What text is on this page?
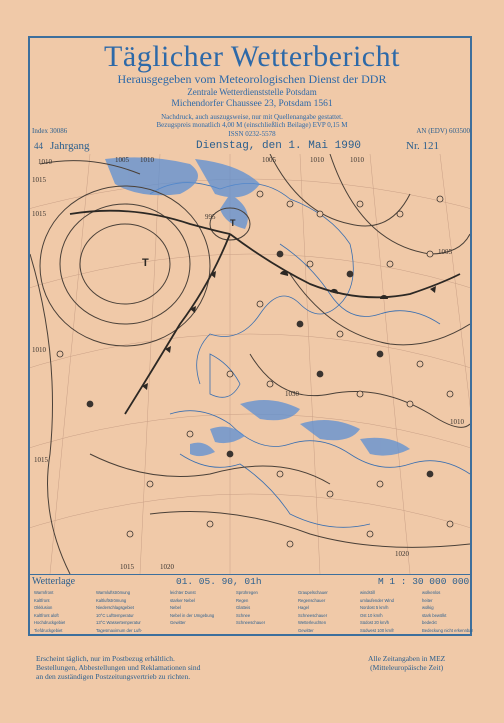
Täglicher Wetterbericht
Herausgegeben vom Meteorologischen Dienst der DDR
Zentrale Wetterdienststelle Potsdam
Michendorfer Chaussee 23, Potsdam 1561
Nachdruck, auch auszugsweise, nur mit Quellenangabe gestattet.
Bezugspreis monatlich 4,00 M (einschließlich Beilage) EVP 0,15 M
ISSN 0232-5578
Index 30086	AN (EDV) 603500
44 Jahrgang	Dienstag, den 1. Mai 1990	Nr. 121
1010	1005 1010
1015
1015
1010
1015
1010
995
1005
1030
1010
1020
1015	1020
1010
1005
T
T
Wetterlage	01. 05. 90, 01h	M 1 : 30 000 000
Warmfront
Kaltfront
Okklusion
Kaltfront aloft
Hochdruckgebiet
Tiefdruckgebiet
Warmluftströmung
Kaltluftströmung
Niederschlagsgebiet
10°C Lufttemperatur
13°C Wassertemperatur
Tagesmaximum der Luft-
leichter Dunst
starker Nebel
Nebel
Nebel in der Umgebung
Gewitter
Sprühregen
Regen
Glatteis
Schnee
Schneeschauer
Graupelschauer
Regenschauer
Hagel
Schneeschauer
Wetterleuchten
Gewitter
windstill
umlaufender Wind
Nordost 5 km/h
Ost 10 km/h
Südost 20 km/h
Südwest 100 km/h
wolkenlos
heiter
wolkig
stark bewölkt
bedeckt
Bedeckung nicht erkennbar
Erscheint täglich, nur im Postbezug erhältlich.
Bestellungen, Abbestellungen und Reklamationen sind
an den zuständigen Postzeitungsvertrieb zu richten.
Alle Zeitangaben in MEZ
(Mitteleuropäische Zeit)
